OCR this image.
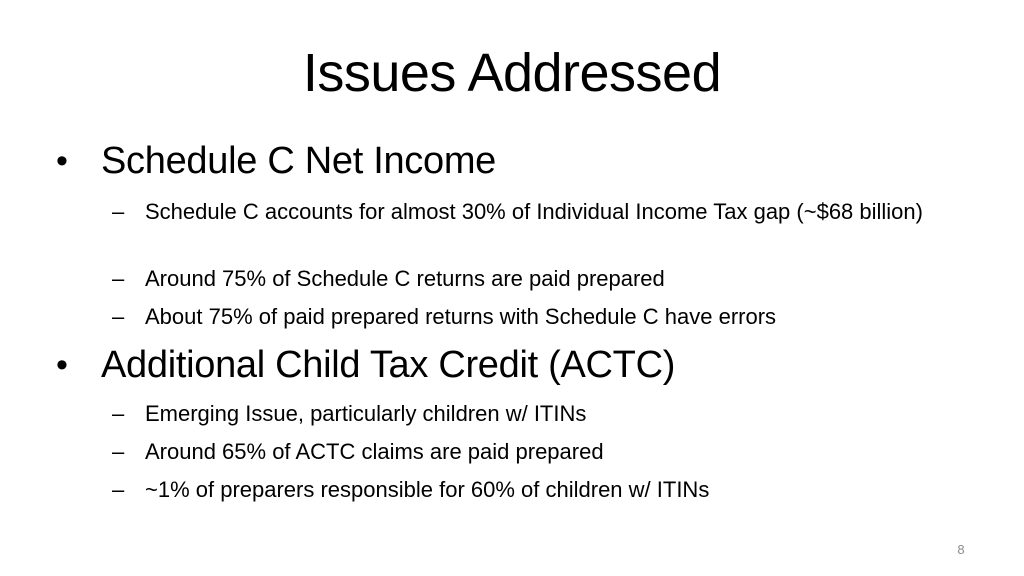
Issues Addressed
• Schedule C Net Income
– Schedule C accounts for almost 30% of Individual Income Tax gap (~$68 billion)
– Around 75% of Schedule C returns are paid prepared
– About 75% of paid prepared returns with Schedule C have errors
• Additional Child Tax Credit (ACTC)
– Emerging Issue, particularly children w/ ITINs
– Around 65% of ACTC claims are paid prepared
– ~1% of preparers responsible for 60% of children w/ ITINs
8
